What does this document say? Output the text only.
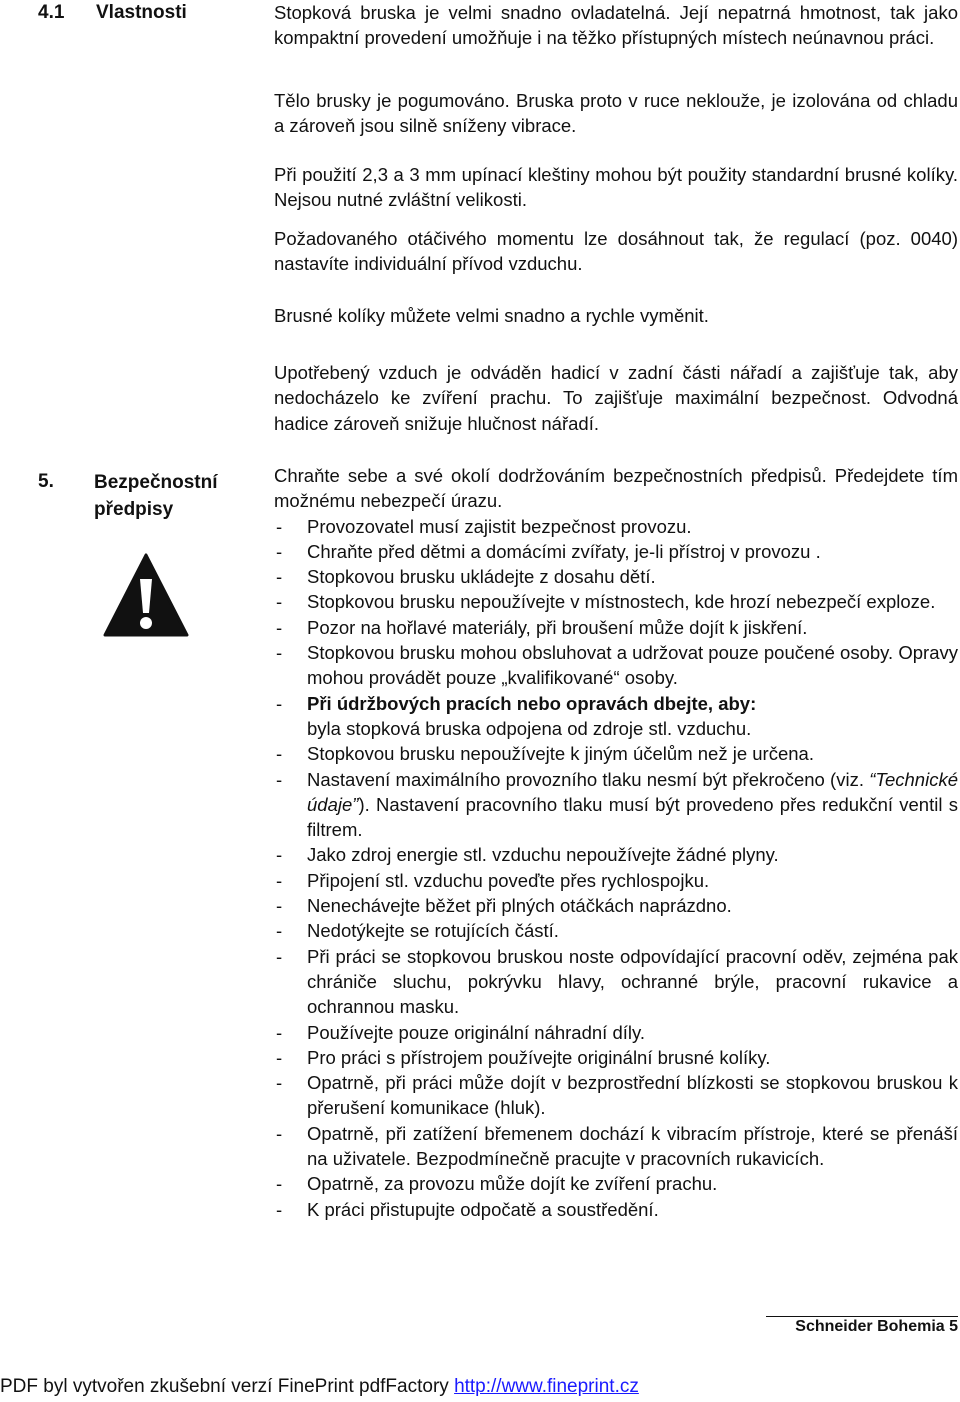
4.1 Vlastnosti	Stopková bruska je velmi snadno ovladatelná. Její nepatrná hmotnost, tak jako kompaktní provedení umožňuje i na těžko přístupných místech neúnavnou práci.
Tělo brusky je pogumováno. Bruska proto v ruce neklouže, je izolována od chladu a zároveň jsou silně sníženy vibrace.
Při použití 2,3 a 3 mm upínací kleštiny mohou být použity standardní brusné kolíky. Nejsou nutné zvláštní velikosti.
Požadovaného otáčivého momentu lze dosáhnout tak, že regulací (poz. 0040) nastavíte individuální přívod vzduchu.
Brusné kolíky můžete velmi snadno a rychle vyměnit.
Upotřebený vzduch je odváděn hadicí v zadní části nářadí a zajišťuje tak, aby nedocházelo ke zvíření prachu. To zajišťuje maximální bezpečnost. Odvodná hadice zároveň snižuje hlučnost nářadí.
5. Bezpečnostní
předpisy
Chraňte sebe a své okolí dodržováním bezpečnostních předpisů. Předejdete tím možnému nebezpečí úrazu.
- Provozovatel musí zajistit bezpečnost provozu.
- Chraňte před dětmi a domácími zvířaty, je-li přístroj v provozu .
- Stopkovou brusku ukládejte z dosahu dětí.
- Stopkovou brusku nepoužívejte v místnostech, kde hrozí nebezpečí exploze.
- Pozor na hořlavé materiály, při broušení může dojít k jiskření.
- Stopkovou brusku mohou obsluhovat a udržovat pouze poučené osoby. Opravy mohou provádět pouze „kvalifikované“ osoby.
- Při údržbových pracích nebo opravách dbejte, aby:
byla stopková bruska odpojena od zdroje stl. vzduchu.
- Stopkovou brusku nepoužívejte k jiným účelům než je určena.
- Nastavení maximálního provozního tlaku nesmí být překročeno (viz. “Technické údaje”). Nastavení pracovního tlaku musí být provedeno přes redukční ventil s filtrem.
- Jako zdroj energie stl. vzduchu nepoužívejte žádné plyny.
- Připojení stl. vzduchu poveďte přes rychlospojku.
- Nenechávejte běžet při plných otáčkách naprázdno.
- Nedotýkejte se rotujících částí.
- Při práci se stopkovou bruskou noste odpovídající pracovní oděv, zejména pak chrániče sluchu, pokrývku hlavy, ochranné brýle, pracovní rukavice a ochrannou masku.
- Používejte pouze originální náhradní díly.
- Pro práci s přístrojem používejte originální brusné kolíky.
- Opatrně, při práci může dojít v bezprostřední blízkosti se stopkovou bruskou k přerušení komunikace (hluk).
- Opatrně, při zatížení břemenem dochází k vibracím přístroje, které se přenáší na uživatele. Bezpodmínečně pracujte v pracovních rukavicích.
- Opatrně, za provozu může dojít ke zvíření prachu.
- K práci přistupujte odpočatě a soustředění.
Schneider Bohemia 5
PDF byl vytvořen zkušební verzí FinePrint pdfFactory http://www.fineprint.cz
